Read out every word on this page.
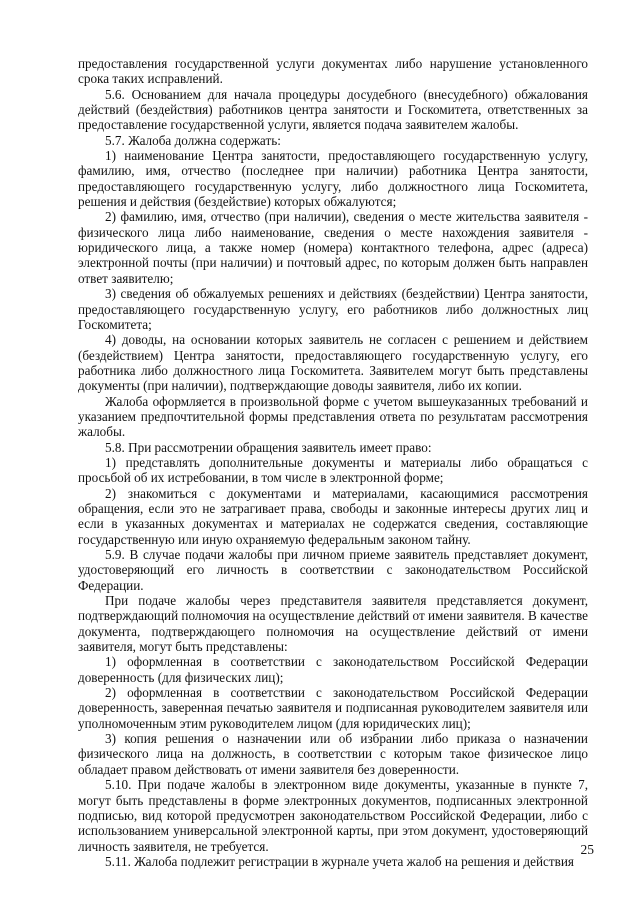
предоставления государственной услуги документах либо нарушение установленного срока таких исправлений.

5.6. Основанием для начала процедуры досудебного (внесудебного) обжалования действий (бездействия) работников центра занятости и Госкомитета, ответственных за предоставление государственной услуги, является подача заявителем жалобы.

5.7. Жалоба должна содержать:

1) наименование Центра занятости, предоставляющего государственную услугу, фамилию, имя, отчество (последнее при наличии) работника Центра занятости, предоставляющего государственную услугу, либо должностного лица Госкомитета, решения и действия (бездействие) которых обжалуются;

2) фамилию, имя, отчество (при наличии), сведения о месте жительства заявителя - физического лица либо наименование, сведения о месте нахождения заявителя - юридического лица, а также номер (номера) контактного телефона, адрес (адреса) электронной почты (при наличии) и почтовый адрес, по которым должен быть направлен ответ заявителю;

3) сведения об обжалуемых решениях и действиях (бездействии) Центра занятости, предоставляющего государственную услугу, его работников либо должностных лиц Госкомитета;

4) доводы, на основании которых заявитель не согласен с решением и действием (бездействием) Центра занятости, предоставляющего государственную услугу, его работника либо должностного лица Госкомитета. Заявителем могут быть представлены документы (при наличии), подтверждающие доводы заявителя, либо их копии.

Жалоба оформляется в произвольной форме с учетом вышеуказанных требований и указанием предпочтительной формы представления ответа по результатам рассмотрения жалобы.

5.8. При рассмотрении обращения заявитель имеет право:

1) представлять дополнительные документы и материалы либо обращаться с просьбой об их истребовании, в том числе в электронной форме;

2) знакомиться с документами и материалами, касающимися рассмотрения обращения, если это не затрагивает права, свободы и законные интересы других лиц и если в указанных документах и материалах не содержатся сведения, составляющие государственную или иную охраняемую федеральным законом тайну.

5.9. В случае подачи жалобы при личном приеме заявитель представляет документ, удостоверяющий его личность в соответствии с законодательством Российской Федерации.

При подаче жалобы через представителя заявителя представляется документ, подтверждающий полномочия на осуществление действий от имени заявителя. В качестве документа, подтверждающего полномочия на осуществление действий от имени заявителя, могут быть представлены:

1) оформленная в соответствии с законодательством Российской Федерации доверенность (для физических лиц);

2) оформленная в соответствии с законодательством Российской Федерации доверенность, заверенная печатью заявителя и подписанная руководителем заявителя или уполномоченным этим руководителем лицом (для юридических лиц);

3) копия решения о назначении или об избрании либо приказа о назначении физического лица на должность, в соответствии с которым такое физическое лицо обладает правом действовать от имени заявителя без доверенности.

5.10. При подаче жалобы в электронном виде документы, указанные в пункте 7, могут быть представлены в форме электронных документов, подписанных электронной подписью, вид которой предусмотрен законодательством Российской Федерации, либо с использованием универсальной электронной карты, при этом документ, удостоверяющий личность заявителя, не требуется.

5.11. Жалоба подлежит регистрации в журнале учета жалоб на решения и действия

25
